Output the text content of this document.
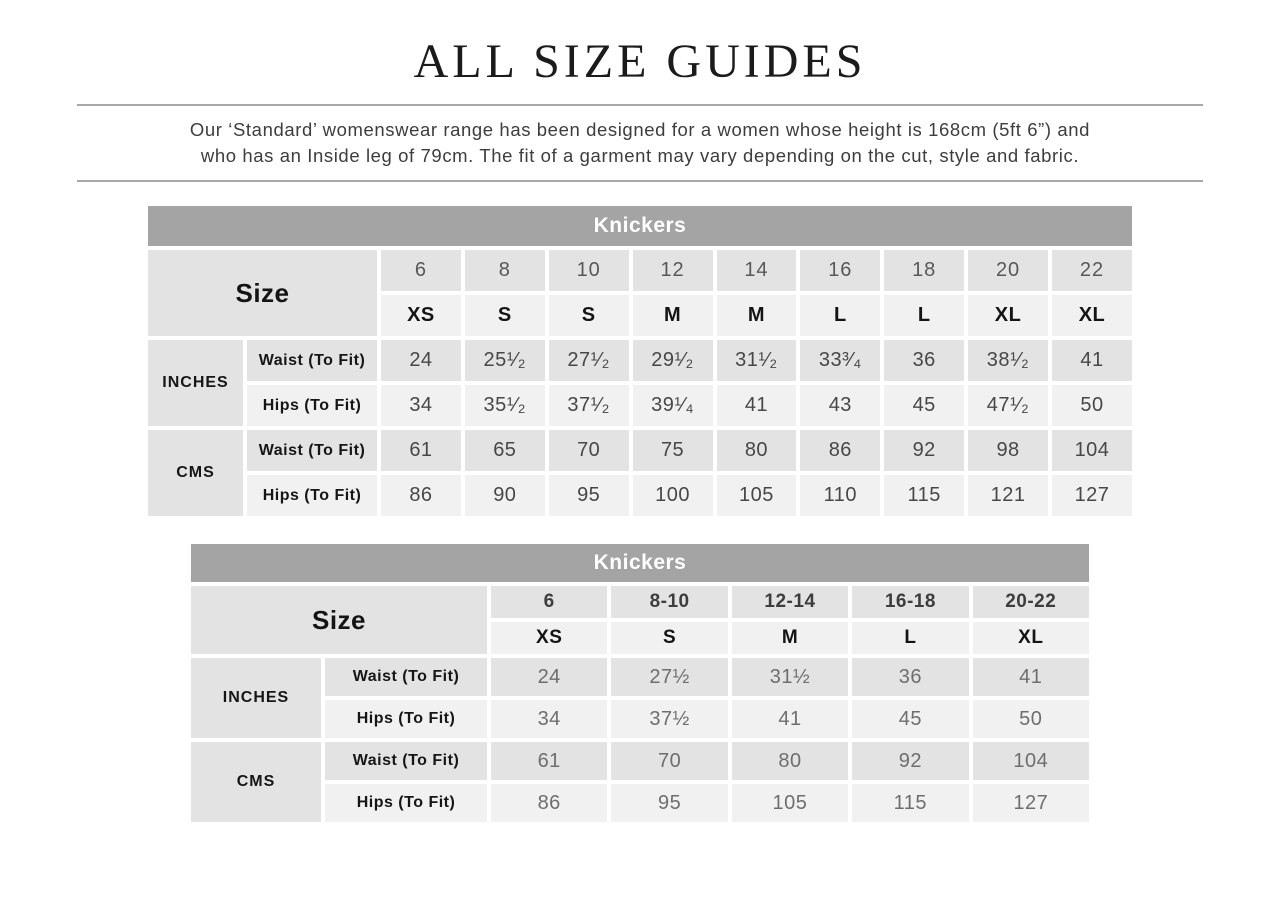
ALL SIZE GUIDES

Our ‘Standard’ womenswear range has been designed for a women whose height is 168cm (5ft 6”) and
who has an Inside leg of 79cm. The fit of a garment may vary depending on the cut, style and fabric.

Knickers										
Size		6	8	10	12	14	16	18	20	22
		XS	S	S	M	M	L	L	XL	XL
INCHES	Waist (To Fit)	24	25¹⁄₂	27¹⁄₂	29¹⁄₂	31¹⁄₂	33³⁄₄	36	38¹⁄₂	41
	Hips (To Fit)	34	35¹⁄₂	37¹⁄₂	39¹⁄₄	41	43	45	47¹⁄₂	50
CMS	Waist (To Fit)	61	65	70	75	80	86	92	98	104
	Hips (To Fit)	86	90	95	100	105	110	115	121	127
Knickers						
Size		6	8-10	12-14	16-18	20-22
		XS	S	M	L	XL
INCHES	Waist (To Fit)	24	27½	31½	36	41
	Hips (To Fit)	34	37½	41	45	50
CMS	Waist (To Fit)	61	70	80	92	104
	Hips (To Fit)	86	95	105	115	127
